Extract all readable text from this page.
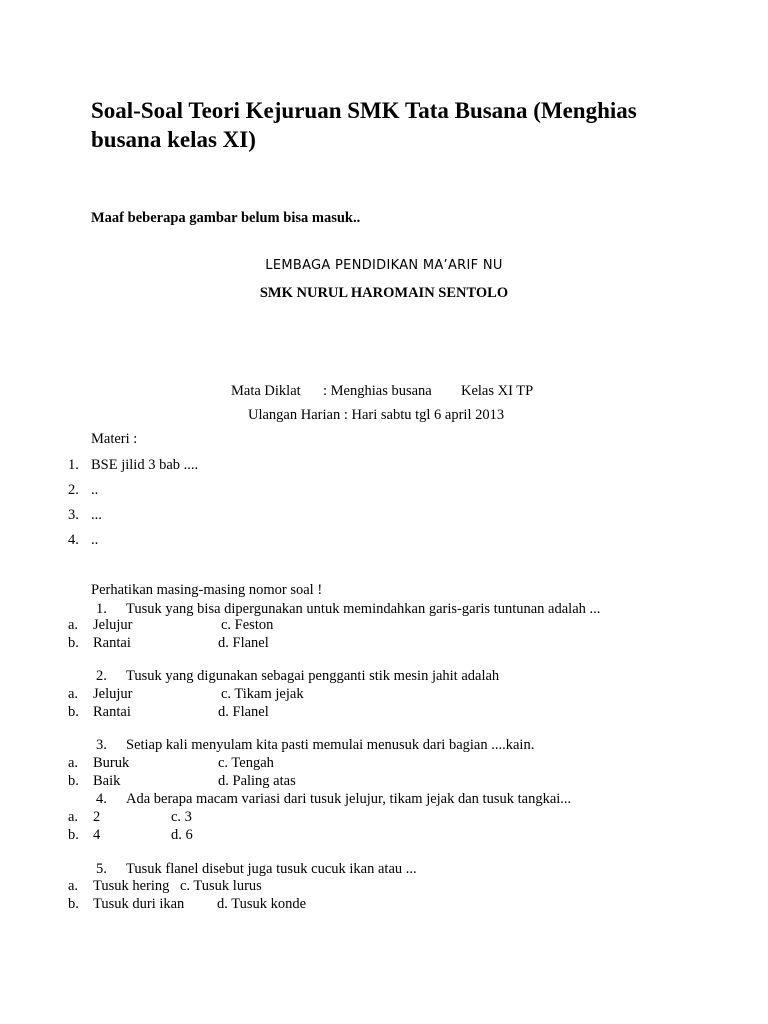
Soal-Soal Teori Kejuruan SMK Tata Busana (Menghias busana kelas XI)
Maaf beberapa gambar belum bisa masuk..
LEMBAGA PENDIDIKAN MA’ARIF NU
SMK NURUL HAROMAIN SENTOLO
Mata Diklat : Menghias busana Kelas XI TP
Ulangan Harian : Hari sabtu tgl 6 april 2013
Materi :
1. BSE jilid 3 bab ....
2. ..
3. ...
4. ..
Perhatikan masing-masing nomor soal !
1. Tusuk yang bisa dipergunakan untuk memindahkan garis-garis tuntunan adalah ...
a. Jelujur	c. Feston
b. Rantai	d. Flanel
2. Tusuk yang digunakan sebagai pengganti stik mesin jahit adalah
a. Jelujur	c. Tikam jejak
b. Rantai	d. Flanel
3. Setiap kali menyulam kita pasti memulai menusuk dari bagian ....kain.
a. Buruk	c. Tengah
b. Baik	d. Paling atas
4. Ada berapa macam variasi dari tusuk jelujur, tikam jejak dan tusuk tangkai...
a. 2	c. 3
b. 4	d. 6
5. Tusuk flanel disebut juga tusuk cucuk ikan atau ...
a. Tusuk hering c. Tusuk lurus
b. Tusuk duri ikan d. Tusuk konde
